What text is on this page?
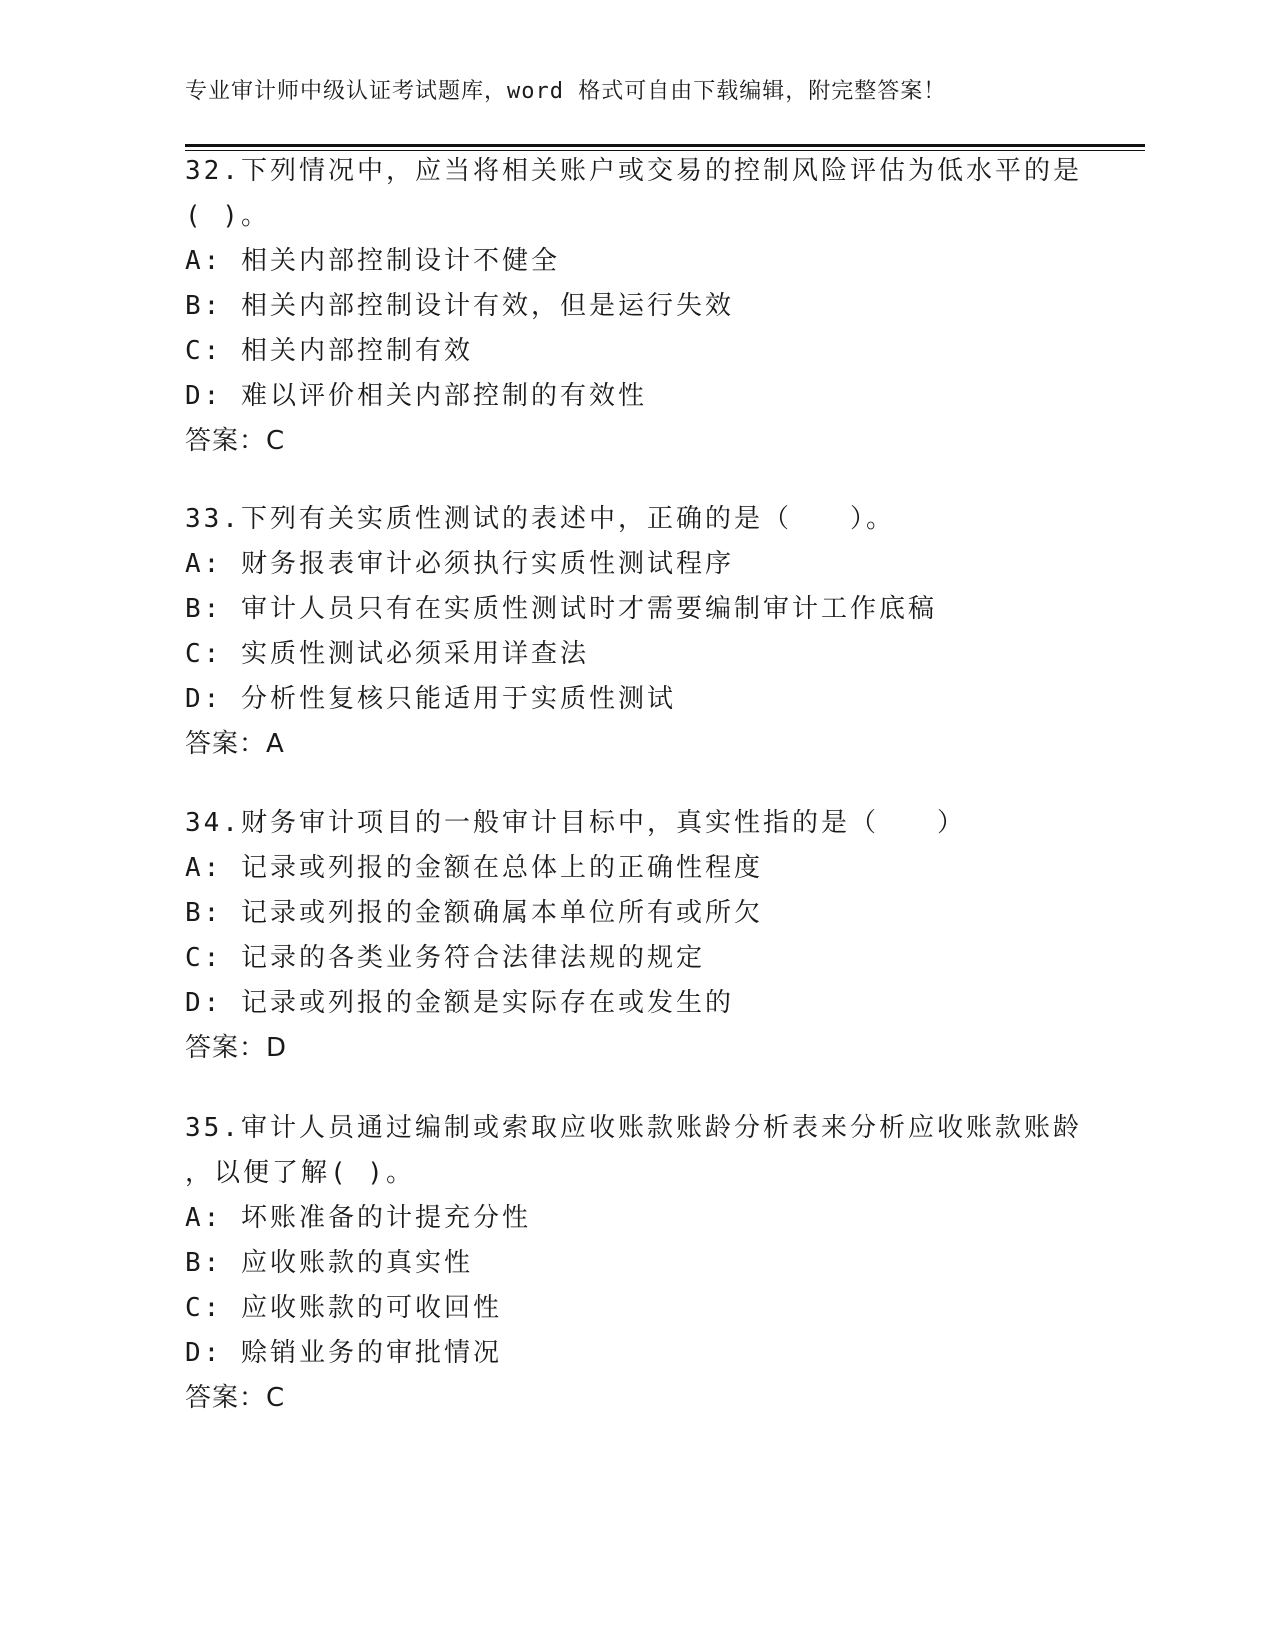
专业审计师中级认证考试题库，word 格式可自由下载编辑，附完整答案！
32.下列情况中，应当将相关账户或交易的控制风险评估为低水平的是
( )。
A: 相关内部控制设计不健全
B: 相关内部控制设计有效，但是运行失效
C: 相关内部控制有效
D: 难以评价相关内部控制的有效性
答案：C
33.下列有关实质性测试的表述中，正确的是（　　）。
A: 财务报表审计必须执行实质性测试程序
B: 审计人员只有在实质性测试时才需要编制审计工作底稿
C: 实质性测试必须采用详查法
D: 分析性复核只能适用于实质性测试
答案：A
34.财务审计项目的一般审计目标中，真实性指的是（　　）
A: 记录或列报的金额在总体上的正确性程度
B: 记录或列报的金额确属本单位所有或所欠
C: 记录的各类业务符合法律法规的规定
D: 记录或列报的金额是实际存在或发生的
答案：D
35.审计人员通过编制或索取应收账款账龄分析表来分析应收账款账龄
，以便了解( )。
A: 坏账准备的计提充分性
B: 应收账款的真实性
C: 应收账款的可收回性
D: 赊销业务的审批情况
答案：C
